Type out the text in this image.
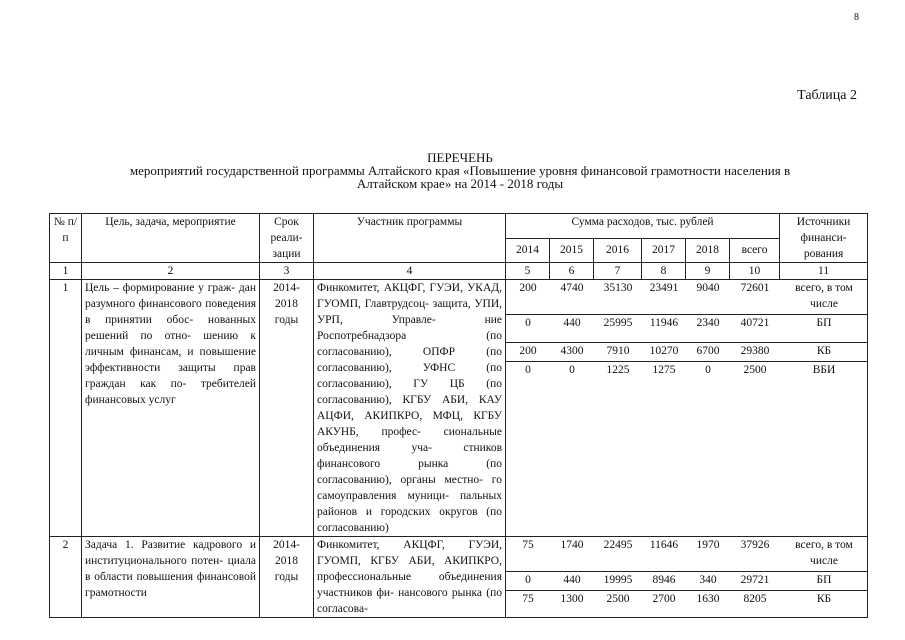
8
Таблица 2
ПЕРЕЧЕНЬ
мероприятий государственной программы Алтайского края «Повышение уровня финансовой грамотности населения в
Алтайском крае» на 2014 - 2018 годы
№ п/п	Цель, задача, мероприятие	Срок реали- зации	Участник программы	Сумма расходов, тыс. рублей	Источники финанси- рования
2014	2015	2016	2017	2018	всего
1	2	3	4	5	6	7	8	9	10	11
1	Цель – формирование у граж- дан разумного финансового поведения в принятии обос- нованных решений по отно- шению к личным финансам, и повышение эффективности защиты прав граждан как по- требителей финансовых услуг	2014- 2018 годы	Финкомитет, АКЦФГ, ГУЭИ, УКАД, ГУОМП, Главтрудсоц- защита, УПИ, УРП, Управле- ние Роспотребнадзора (по согласованию), ОПФР (по согласованию), УФНС (по согласованию), ГУ ЦБ (по согласованию), КГБУ АБИ, КАУ АЦФИ, АКИПКРО, МФЦ, КГБУ АКУНБ, профес- сиональные объединения уча- стников финансового рынка (по согласованию), органы местно- го самоуправления муници- пальных районов и городских округов (по согласованию)	
200	4740	35130	23491	9040	72601	всего, в том числе
0	440	25995	11946	2340	40721	БП
200	4300	7910	10270	6700	29380	КБ
0	0	1225	1275	0	2500	ВБИ

2	Задача 1. Развитие кадрового и институционального потен- циала в области повышения финансовой грамотности	2014- 2018 годы	Финкомитет, АКЦФГ, ГУЭИ, ГУОМП, КГБУ АБИ, АКИПКРО, профессиональные объединения участников фи- нансового рынка (по согласова-	
75	1740	22495	11646	1970	37926	всего, в том числе
0	440	19995	8946	340	29721	БП
75	1300	2500	2700	1630	8205	КБ
